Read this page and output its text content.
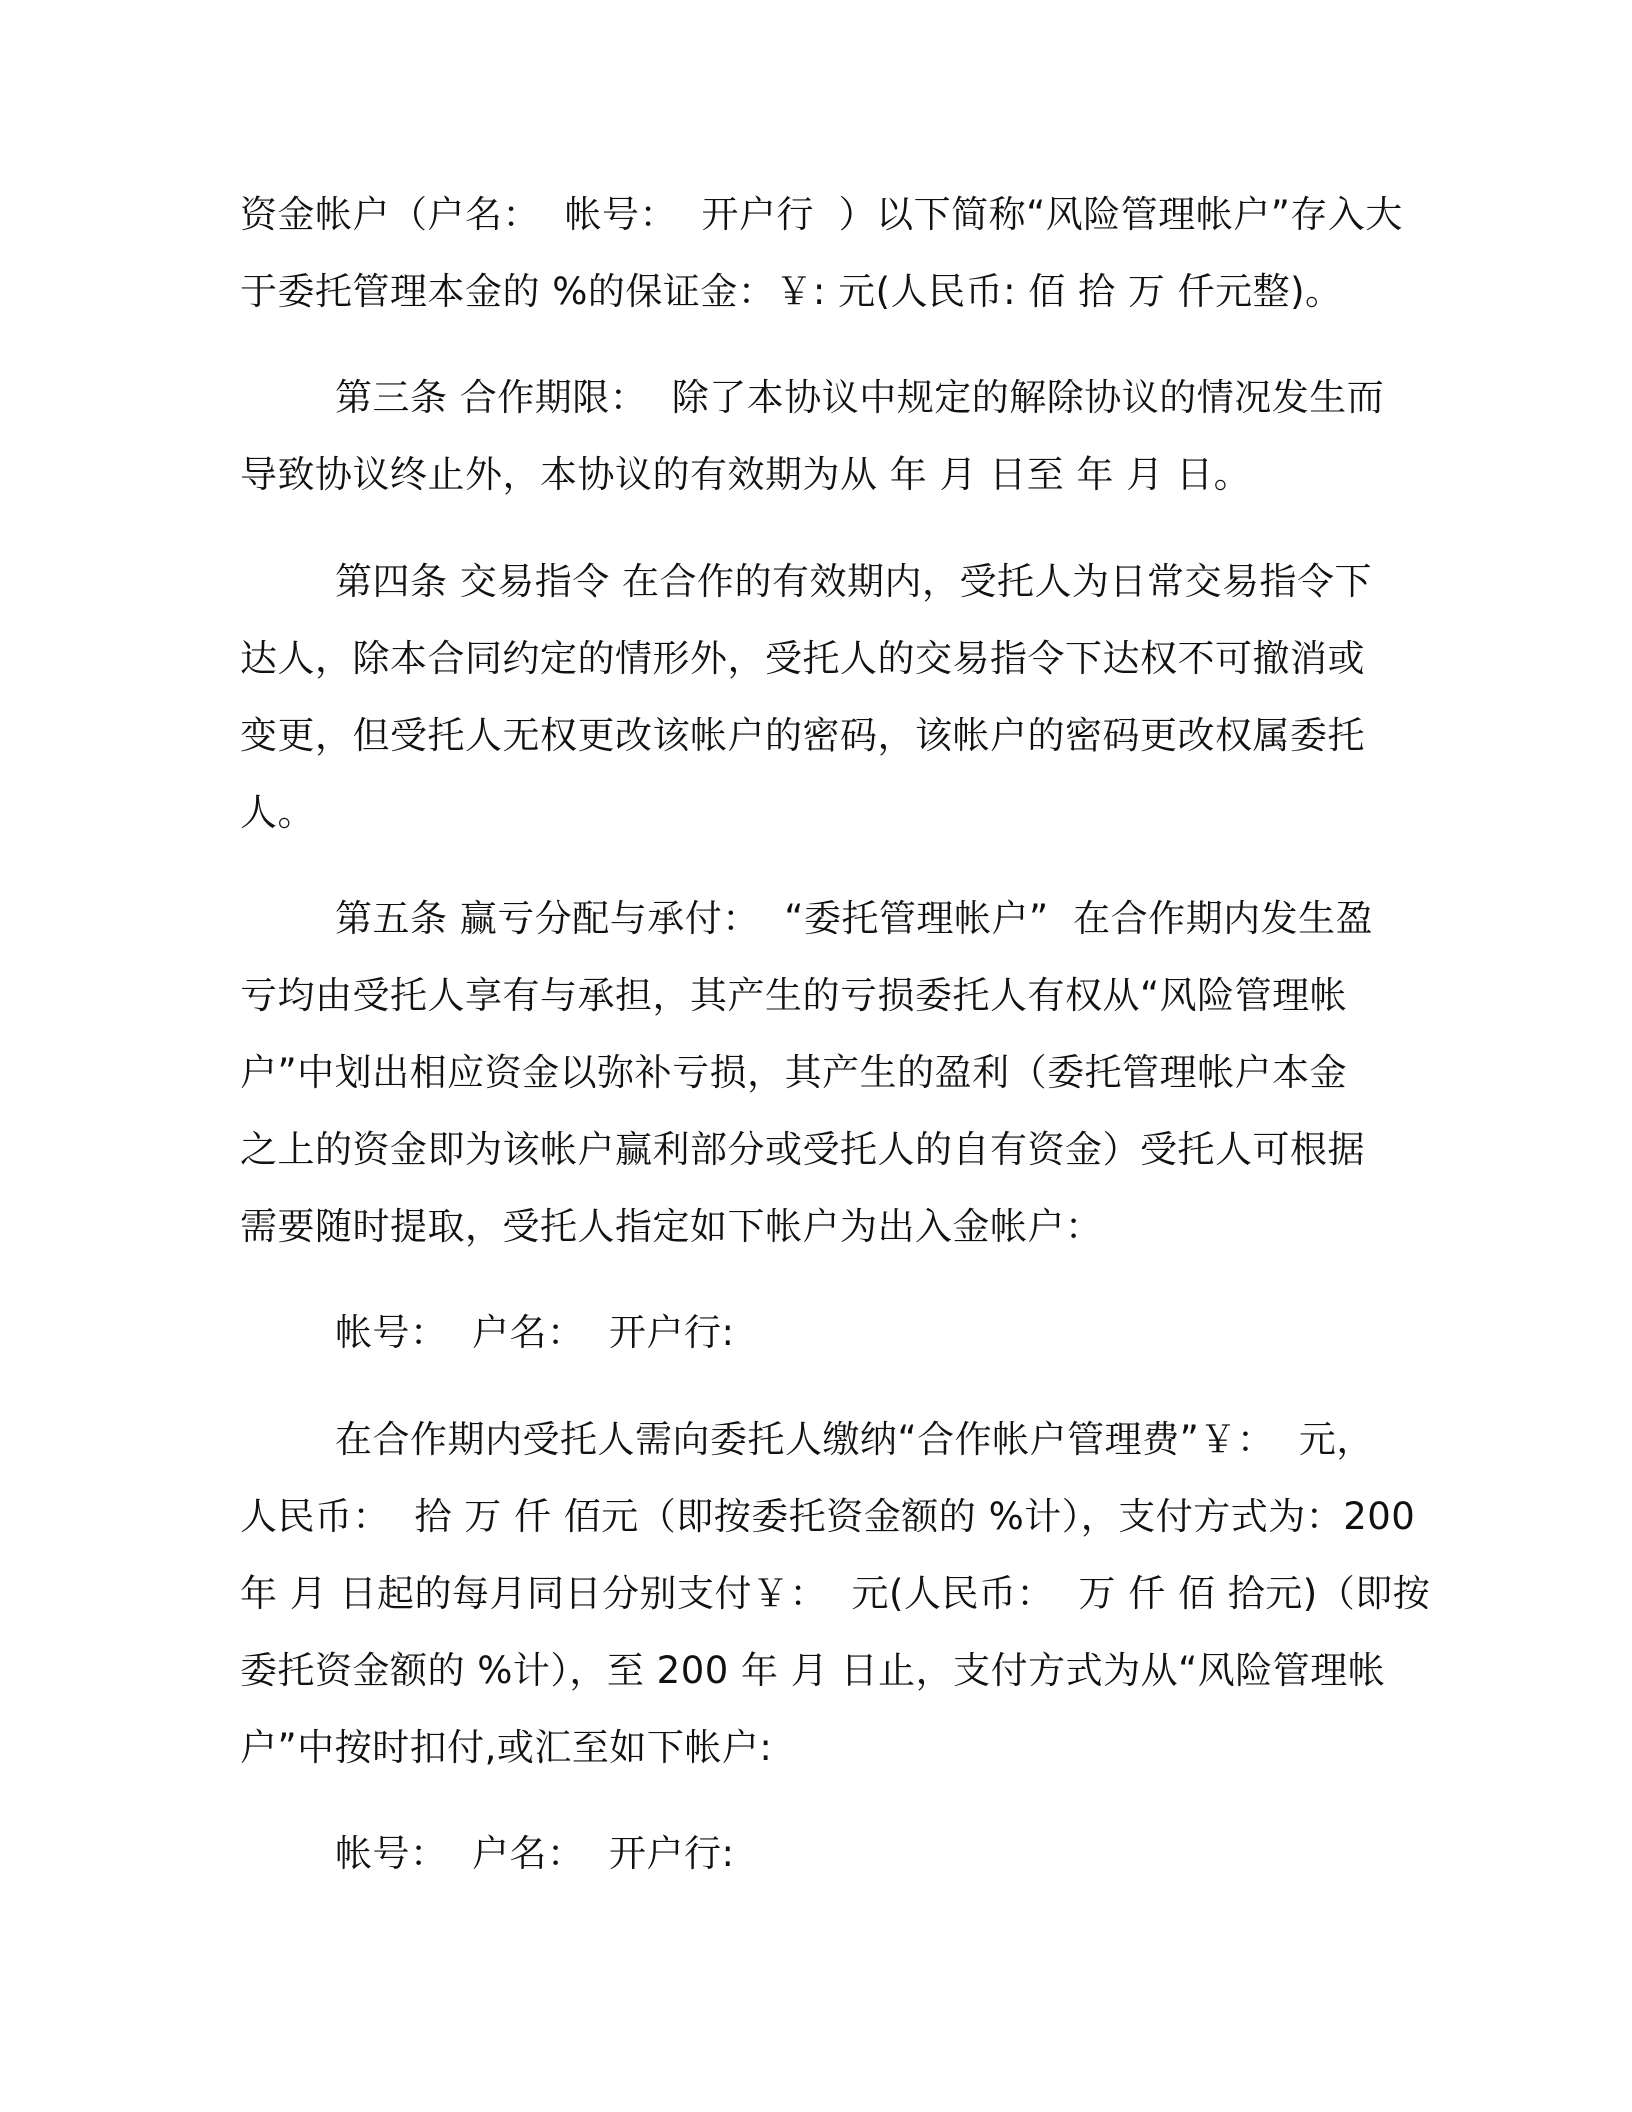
资金帐户（户名：  帐号：  开户行  ）以下简称“风险管理帐户”存入大
于委托管理本金的 %的保证金：￥: 元(人民币: 佰 拾 万 仟元整)。
第三条 合作期限：  除了本协议中规定的解除协议的情况发生而
导致协议终止外，本协议的有效期为从 年 月 日至 年 月 日。
第四条 交易指令 在合作的有效期内，受托人为日常交易指令下
达人，除本合同约定的情形外，受托人的交易指令下达权不可撤消或
变更，但受托人无权更改该帐户的密码，该帐户的密码更改权属委托
人。
第五条 赢亏分配与承付：  “委托管理帐户”  在合作期内发生盈
亏均由受托人享有与承担，其产生的亏损委托人有权从“风险管理帐
户”中划出相应资金以弥补亏损，其产生的盈利（委托管理帐户本金
之上的资金即为该帐户赢利部分或受托人的自有资金）受托人可根据
需要随时提取，受托人指定如下帐户为出入金帐户：
帐号：  户名：  开户行:
在合作期内受托人需向委托人缴纳“合作帐户管理费”￥：  元，
人民币：  拾 万 仟 佰元（即按委托资金额的 %计），支付方式为：200
年 月 日起的每月同日分别支付￥：  元(人民币：  万 仟 佰 拾元)（即按
委托资金额的 %计），至 200 年 月 日止，支付方式为从“风险管理帐
户”中按时扣付,或汇至如下帐户:
帐号：  户名：  开户行:
